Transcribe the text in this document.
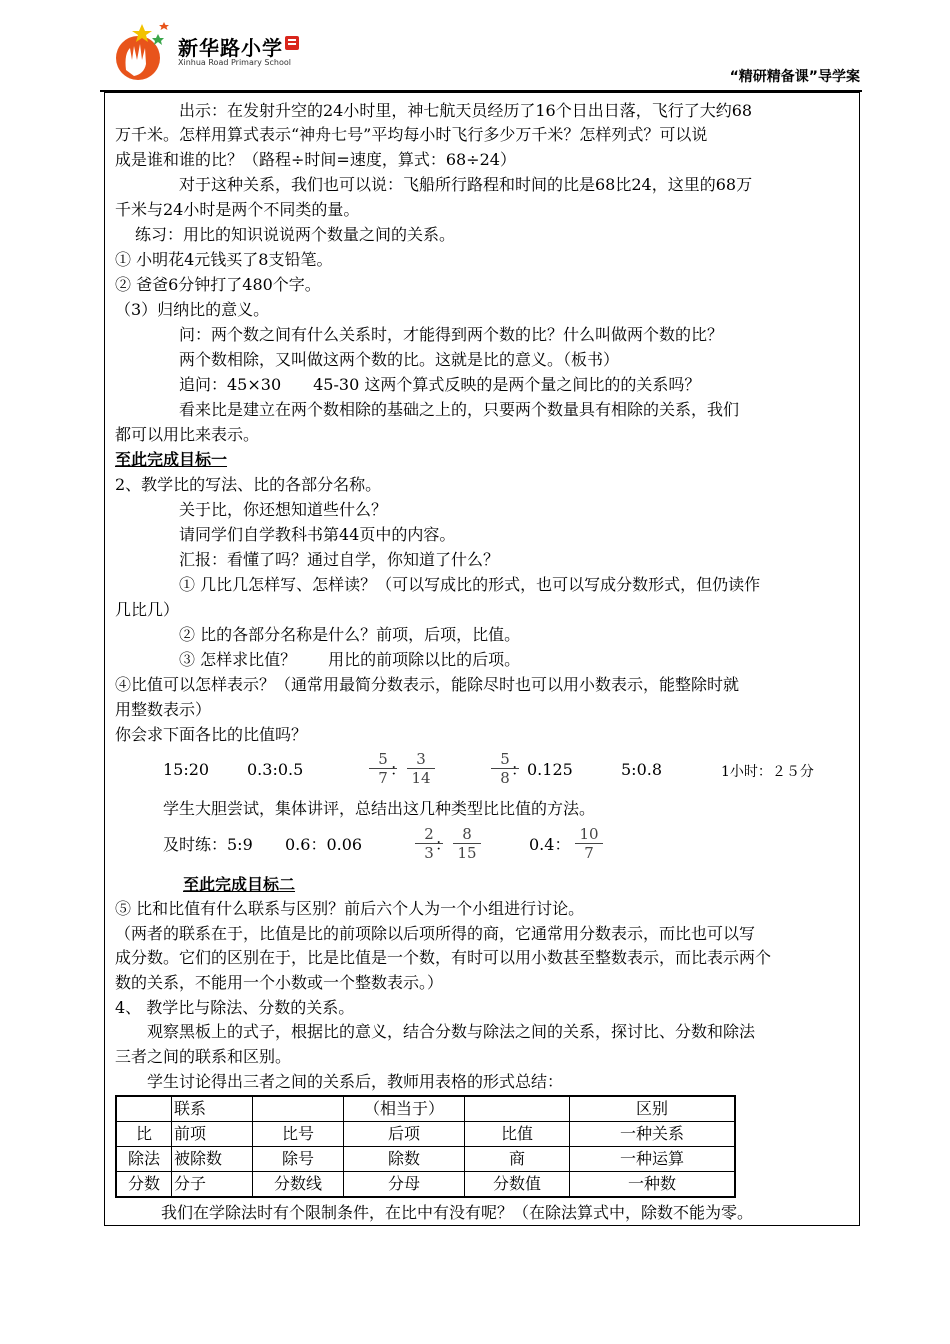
新华路小学
Xinhua Road Primary School
“精研精备课”导学案
出示：在发射升空的24小时里，神七航天员经历了16个日出日落，飞行了大约68
万千米。怎样用算式表示“神舟七号”平均每小时飞行多少万千米？怎样列式？可以说
成是谁和谁的比？（路程÷时间=速度，算式：68÷24）
对于这种关系，我们也可以说：飞船所行路程和时间的比是68比24，这里的68万
千米与24小时是两个不同类的量。
练习：用比的知识说说两个数量之间的关系。
① 小明花4元钱买了8支铅笔。
② 爸爸6分钟打了480个字。
（3）归纳比的意义。
问：两个数之间有什么关系时，才能得到两个数的比？什么叫做两个数的比？
两个数相除，又叫做这两个数的比。这就是比的意义。（板书）
追问：45×30　　45-30 这两个算式反映的是两个量之间比的的关系吗？
看来比是建立在两个数相除的基础之上的，只要两个数量具有相除的关系，我们
都可以用比来表示。
至此完成目标一
2、教学比的写法、比的各部分名称。
关于比，你还想知道些什么？
请同学们自学教科书第44页中的内容。
汇报：看懂了吗？通过自学，你知道了什么？
① 几比几怎样写、怎样读？（可以写成比的形式，也可以写成分数形式，但仍读作
几比几）
② 比的各部分名称是什么？前项，后项，比值。
③ 怎样求比值？　　用比的前项除以比的后项。
④比值可以怎样表示？（通常用最简分数表示，能除尽时也可以用小数表示，能整除时就
用整数表示）
你会求下面各比的比值吗？
15:20 0.3:0.5	$\frac{5}{7}$
： $\frac{3}{14}$	$\frac{5}{8}$
：0.125	5:0.8	1小时：２５分
学生大胆尝试，集体讲评，总结出这几种类型比比值的方法。
及时练：5:9 0.6：0.06	$\frac{2}{3}$
： $\frac{8}{15}$	0.4： $\frac{10}{7}$
至此完成目标二
⑤ 比和比值有什么联系与区别？前后六个人为一个小组进行讨论。
（两者的联系在于，比值是比的前项除以后项所得的商，它通常用分数表示，而比也可以写
成分数。它们的区别在于，比是比值是一个数，有时可以用小数甚至整数表示，而比表示两个
数的关系，不能用一个小数或一个整数表示。）
4、 教学比与除法、分数的关系。
观察黑板上的式子，根据比的意义，结合分数与除法之间的关系，探讨比、分数和除法
三者之间的联系和区别。
学生讨论得出三者之间的关系后，教师用表格的形式总结：
	联系		（相当于）		区别
比	前项	比号	后项	比值	一种关系
除法	被除数	除号	除数	商	一种运算
分数	分子	分数线	分母	分数值	一种数
我们在学除法时有个限制条件，在比中有没有呢？（在除法算式中，除数不能为零。
